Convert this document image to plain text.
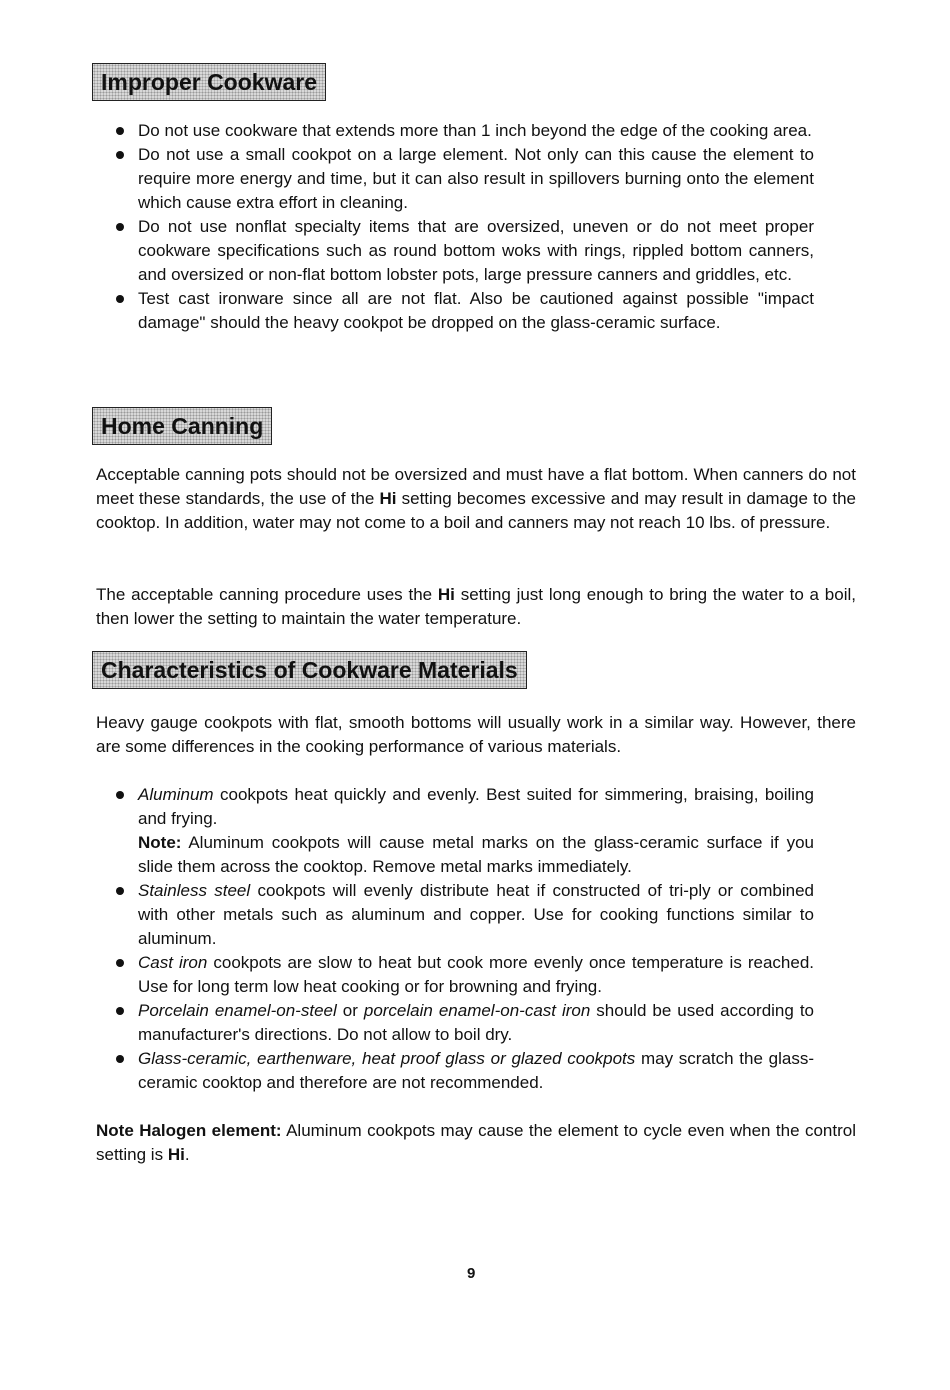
Improper Cookware
Do not use cookware that extends more than 1 inch beyond the edge of the cooking area.
Do not use a small cookpot on a large element. Not only can this cause the element to require more energy and time, but it can also result in spillovers burning onto the element which cause extra effort in cleaning.
Do not use nonflat specialty items that are oversized, uneven or do not meet proper cookware specifications such as round bottom woks with rings, rippled bottom canners, and oversized or non-flat bottom lobster pots, large pressure canners and griddles, etc.
Test cast ironware since all are not flat. Also be cautioned against possible "impact damage" should the heavy cookpot be dropped on the glass-ceramic surface.
Home Canning

Acceptable canning pots should not be oversized and must have a flat bottom. When canners do not meet these standards, the use of the Hi setting becomes excessive and may result in damage to the cooktop. In addition, water may not come to a boil and canners may not reach 10 lbs. of pressure.

The acceptable canning procedure uses the Hi setting just long enough to bring the water to a boil, then lower the setting to maintain the water temperature.

Characteristics of Cookware Materials

Heavy gauge cookpots with flat, smooth bottoms will usually work in a similar way. However, there are some differences in the cooking performance of various materials.

Aluminum cookpots heat quickly and evenly. Best suited for simmering, braising, boiling and frying.
Note: Aluminum cookpots will cause metal marks on the glass-ceramic surface if you slide them across the cooktop. Remove metal marks immediately.
Stainless steel cookpots will evenly distribute heat if constructed of tri-ply or combined with other metals such as aluminum and copper. Use for cooking functions similar to aluminum.
Cast iron cookpots are slow to heat but cook more evenly once temperature is reached. Use for long term low heat cooking or for browning and frying.
Porcelain enamel-on-steel or porcelain enamel-on-cast iron should be used according to manufacturer's directions. Do not allow to boil dry.
Glass-ceramic, earthenware, heat proof glass or glazed cookpots may scratch the glass-ceramic cooktop and therefore are not recommended.

Note Halogen element: Aluminum cookpots may cause the element to cycle even when the control setting is Hi.

9
